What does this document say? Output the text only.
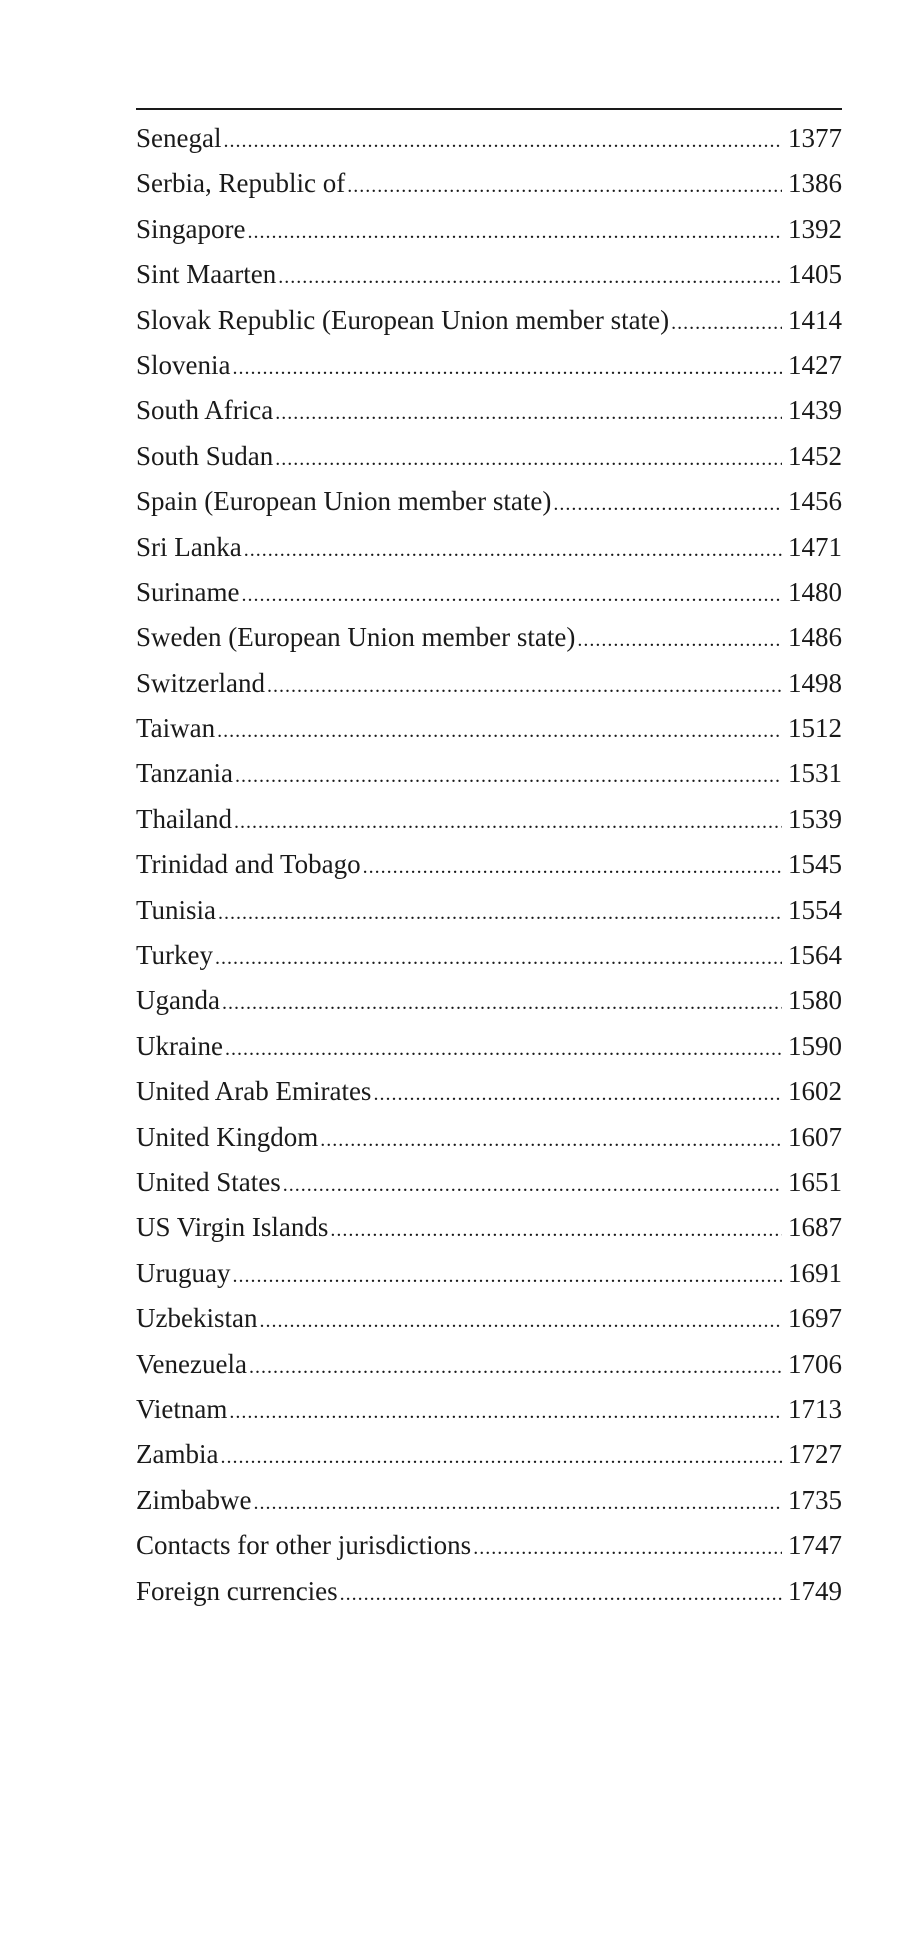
Senegal .....	1377
Serbia, Republic of .....	1386
Singapore .....	1392
Sint Maarten .....	1405
Slovak Republic (European Union member state) .....	1414
Slovenia .....	1427
South Africa .....	1439
South Sudan .....	1452
Spain (European Union member state) .....	1456
Sri Lanka .....	1471
Suriname .....	1480
Sweden (European Union member state) .....	1486
Switzerland .....	1498
Taiwan .....	1512
Tanzania .....	1531
Thailand .....	1539
Trinidad and Tobago .....	1545
Tunisia .....	1554
Turkey .....	1564
Uganda .....	1580
Ukraine .....	1590
United Arab Emirates .....	1602
United Kingdom .....	1607
United States .....	1651
US Virgin Islands .....	1687
Uruguay .....	1691
Uzbekistan .....	1697
Venezuela .....	1706
Vietnam .....	1713
Zambia .....	1727
Zimbabwe .....	1735
Contacts for other jurisdictions .....	1747
Foreign currencies .....	1749
